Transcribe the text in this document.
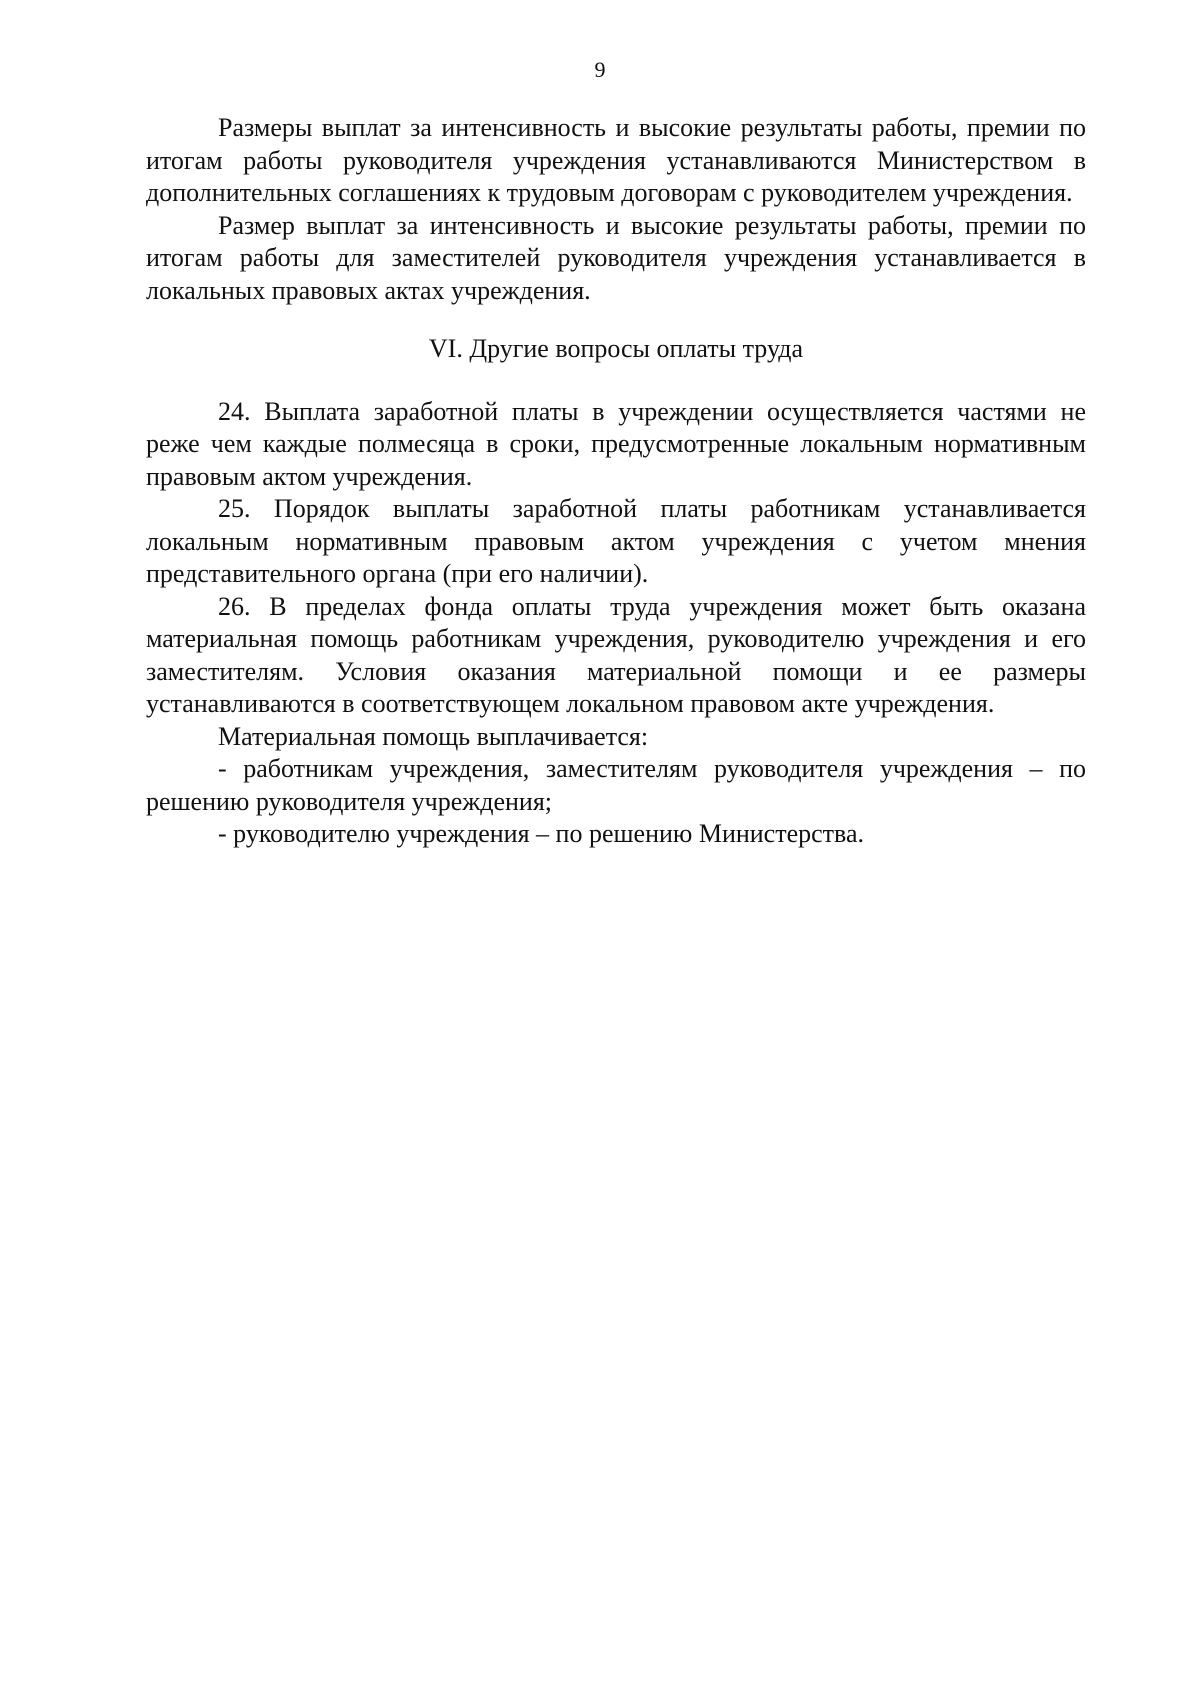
9

Размеры выплат за интенсивность и высокие результаты работы, премии по итогам работы руководителя учреждения устанавливаются Министерством в дополнительных соглашениях к трудовым договорам с руководителем учреждения.

Размер выплат за интенсивность и высокие результаты работы, премии по итогам работы для заместителей руководителя учреждения устанавливается в локальных правовых актах учреждения.

VI. Другие вопросы оплаты труда

24. Выплата заработной платы в учреждении осуществляется частями не реже чем каждые полмесяца в сроки, предусмотренные локальным нормативным правовым актом учреждения.

25. Порядок выплаты заработной платы работникам устанавливается локальным нормативным правовым актом учреждения с учетом мнения представительного органа (при его наличии).

26. В пределах фонда оплаты труда учреждения может быть оказана материальная помощь работникам учреждения, руководителю учреждения и его заместителям. Условия оказания материальной помощи и ее размеры устанавливаются в соответствующем локальном правовом акте учреждения.

Материальная помощь выплачивается:

- работникам учреждения, заместителям руководителя учреждения – по решению руководителя учреждения;

- руководителю учреждения – по решению Министерства.
